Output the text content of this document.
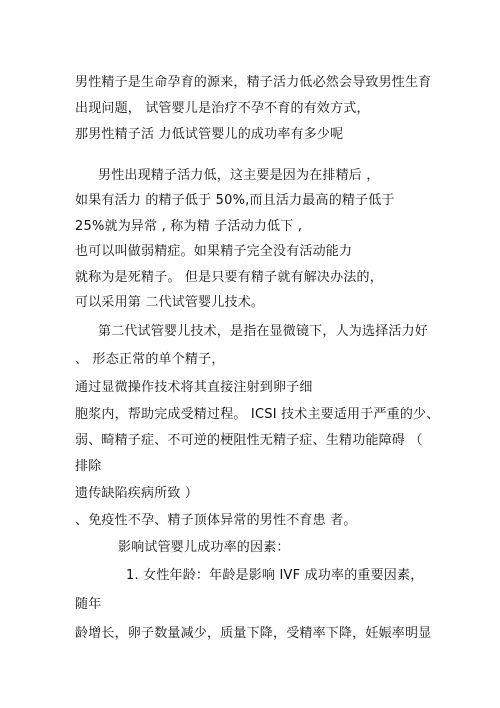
男性精子是生命孕育的源来，精子活力低必然会导致男性生育
出现问题， 试管婴儿是治疗不孕不育的有效方式，
那男性精子活 力低试管婴儿的成功率有多少呢
男性出现精子活力低，这主要是因为在排精后 ，
如果有活力 的精子低于 50%,而且活力最高的精子低于
25%就为异常 , 称为精 子活动力低下 ,
也可以叫做弱精症。如果精子完全没有活动能力
就称为是死精子。 但是只要有精子就有解决办法的，
可以采用第 二代试管婴儿技术。
第二代试管婴儿技术，是指在显微镜下，人为选择活力好
、 形态正常的单个精子，
通过显微操作技术将其直接注射到卵子细
胞浆内，帮助完成受精过程。 ICSI 技术主要适用于严重的少、
弱、畸精子症、不可逆的梗阻性无精子症、生精功能障碍 （
排除
遗传缺陷疾病所致 ）
、免疫性不孕、精子顶体异常的男性不育患 者。
影响试管婴儿成功率的因素：
1. 女性年龄：年龄是影响 IVF 成功率的重要因素，
随年
龄增长，卵子数量减少，质量下降，受精率下降，妊娠率明显
